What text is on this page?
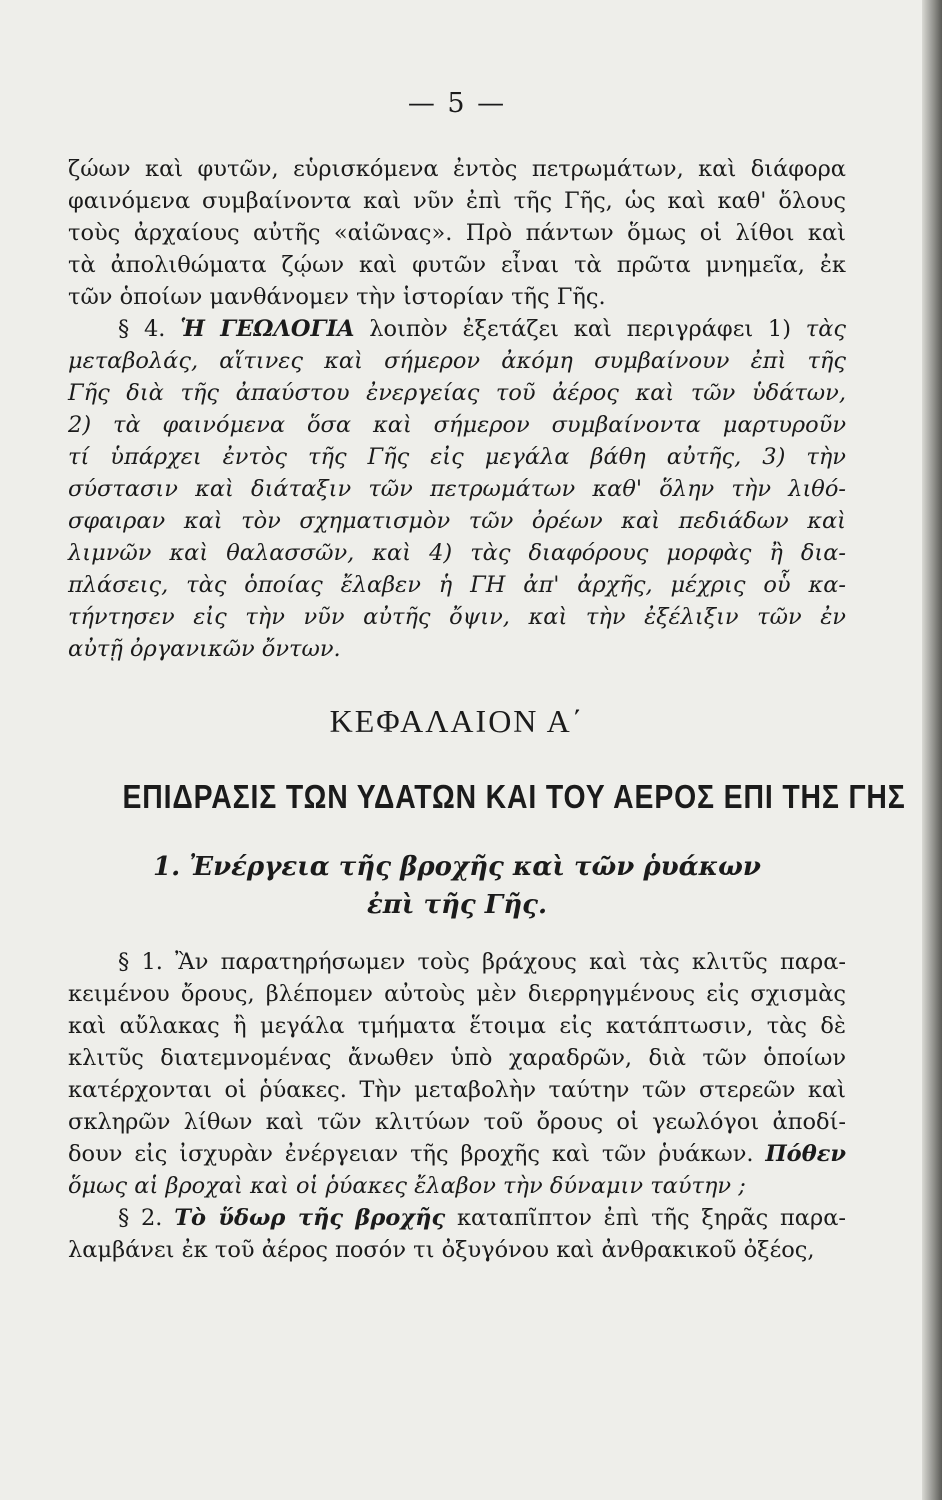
— 5 —
ζώων καὶ φυτῶν, εὑρισκόμενα ἐντὸς πετρωμάτων, καὶ διάφορα
φαινόμενα συμβαίνοντα καὶ νῦν ἐπὶ τῆς Γῆς, ὡς καὶ καθ' ὅλους
τοὺς ἀρχαίους αὐτῆς «αἰῶνας». Πρὸ πάντων ὅμως οἱ λίθοι καὶ
τὰ ἀπολιθώματα ζῴων καὶ φυτῶν εἶναι τὰ πρῶτα μνημεῖα, ἐκ
τῶν ὁποίων μανθάνομεν τὴν ἱστορίαν τῆς Γῆς.
§ 4. Ἡ ΓΕΩΛΟΓΙΑ λοιπὸν ἐξετάζει καὶ περιγράφει 1) τὰς
μεταβολάς, αἵτινες καὶ σήμερον ἀκόμη συμβαίνουν ἐπὶ τῆς
Γῆς διὰ τῆς ἀπαύστου ἐνεργείας τοῦ ἀέρος καὶ τῶν ὑδάτων,
2) τὰ φαινόμενα ὅσα καὶ σήμερον συμβαίνοντα μαρτυροῦν
τί ὑπάρχει ἐντὸς τῆς Γῆς εἰς μεγάλα βάθη αὐτῆς, 3) τὴν
σύστασιν καὶ διάταξιν τῶν πετρωμάτων καθ' ὅλην τὴν λιθό-
σφαιραν καὶ τὸν σχηματισμὸν τῶν ὀρέων καὶ πεδιάδων καὶ
λιμνῶν καὶ θαλασσῶν, καὶ 4) τὰς διαφόρους μορφὰς ἢ δια-
πλάσεις, τὰς ὁποίας ἔλαβεν ἡ ΓΗ ἀπ' ἀρχῆς, μέχρις οὗ κα-
τήντησεν εἰς τὴν νῦν αὐτῆς ὄψιν, καὶ τὴν ἐξέλιξιν τῶν ἐν
αὐτῇ ὀργανικῶν ὄντων.
ΚΕΦΑΛΑΙΟΝ Α΄
ΕΠΙΔΡΑΣΙΣ ΤΩΝ ΥΔΑΤΩΝ ΚΑΙ ΤΟΥ ΑΕΡΟΣ ΕΠΙ ΤΗΣ ΓΗΣ
1. Ἐνέργεια τῆς βροχῆς καὶ τῶν ῥυάκων
ἐπὶ τῆς Γῆς.
§ 1. Ἂν παρατηρήσωμεν τοὺς βράχους καὶ τὰς κλιτῦς παρα-
κειμένου ὄρους, βλέπομεν αὐτοὺς μὲν διερρηγμένους εἰς σχισμὰς
καὶ αὔλακας ἢ μεγάλα τμήματα ἕτοιμα εἰς κατάπτωσιν, τὰς δὲ
κλιτῦς διατεμνομένας ἄνωθεν ὑπὸ χαραδρῶν, διὰ τῶν ὁποίων
κατέρχονται οἱ ῥύακες. Τὴν μεταβολὴν ταύτην τῶν στερεῶν καὶ
σκληρῶν λίθων καὶ τῶν κλιτύων τοῦ ὄρους οἱ γεωλόγοι ἀποδί-
δουν εἰς ἰσχυρὰν ἐνέργειαν τῆς βροχῆς καὶ τῶν ῥυάκων. Πόθεν
ὅμως αἱ βροχαὶ καὶ οἱ ῥύακες ἔλαβον τὴν δύναμιν ταύτην ;
§ 2. Τὸ ὕδωρ τῆς βροχῆς καταπῖπτον ἐπὶ τῆς ξηρᾶς παρα-
λαμβάνει ἐκ τοῦ ἀέρος ποσόν τι ὀξυγόνου καὶ ἀνθρακικοῦ ὀξέος,
